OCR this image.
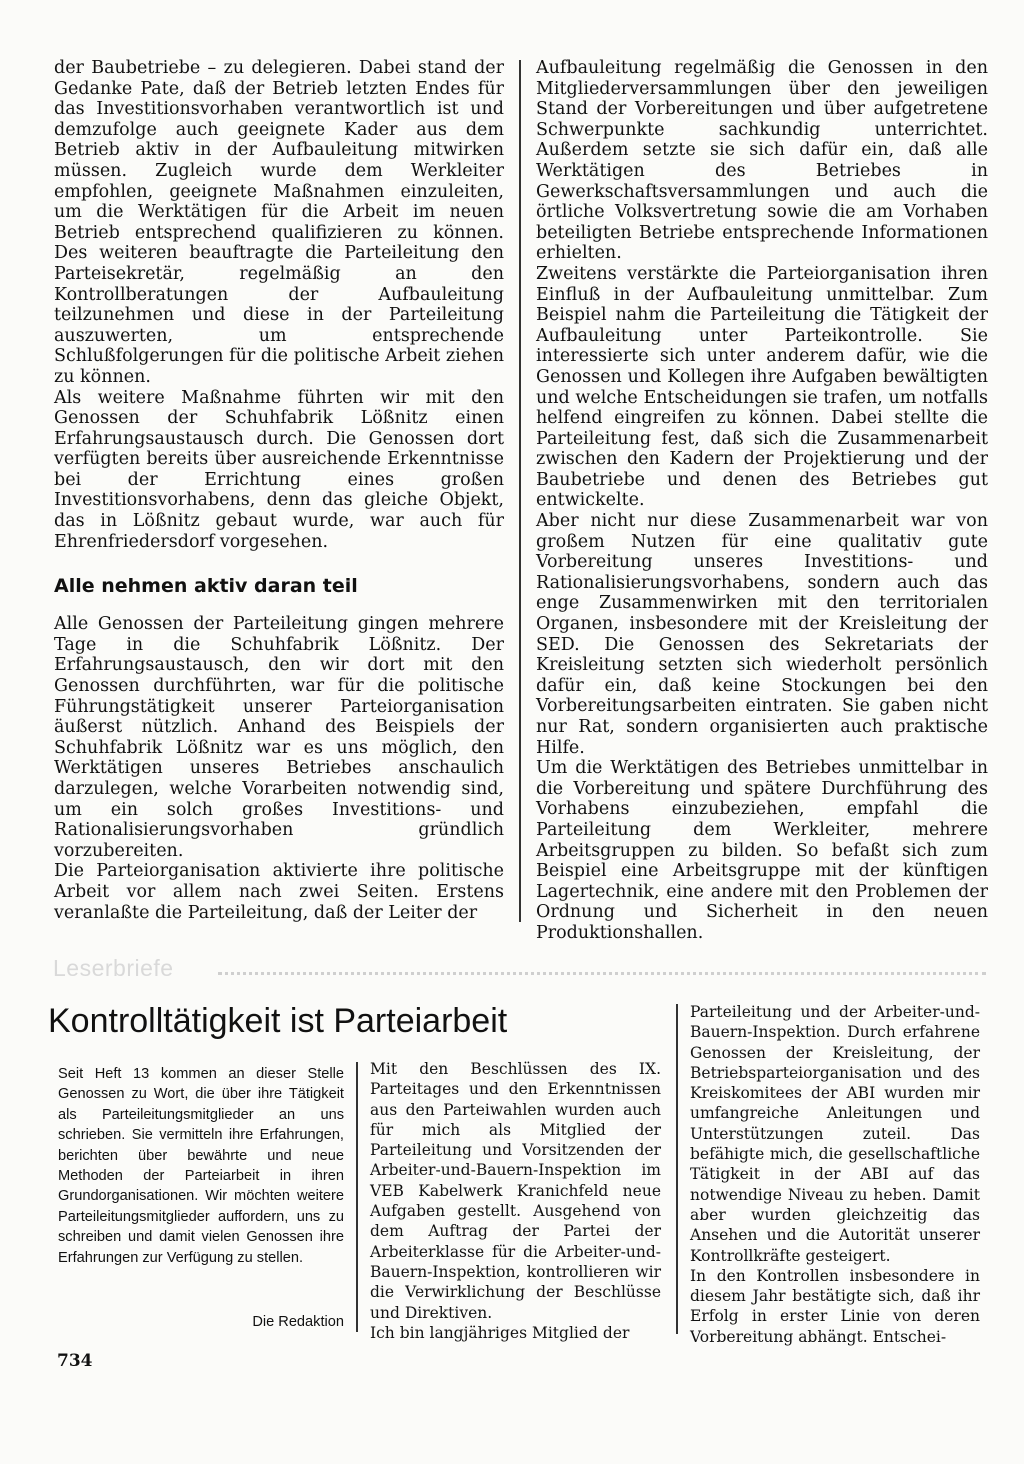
der Baubetriebe – zu delegieren. Dabei stand der Gedanke Pate, daß der Betrieb letzten Endes für das Investitionsvorhaben verantwortlich ist und demzufolge auch geeignete Kader aus dem Betrieb aktiv in der Aufbauleitung mitwirken müssen. Zugleich wurde dem Werkleiter empfohlen, geeignete Maßnahmen einzuleiten, um die Werktätigen für die Arbeit im neuen Betrieb entsprechend qualifizieren zu können. Des weiteren beauftragte die Parteileitung den Parteisekretär, regelmäßig an den Kontrollberatungen der Aufbauleitung teilzunehmen und diese in der Parteileitung auszuwerten, um entsprechende Schlußfolgerungen für die politische Arbeit ziehen zu können.

Als weitere Maßnahme führten wir mit den Genossen der Schuhfabrik Lößnitz einen Erfahrungsaustausch durch. Die Genossen dort verfügten bereits über ausreichende Erkenntnisse bei der Errichtung eines großen Investitionsvorhabens, denn das gleiche Objekt, das in Lößnitz gebaut wurde, war auch für Ehrenfriedersdorf vorgesehen.

Alle nehmen aktiv daran teil

Alle Genossen der Parteileitung gingen mehrere Tage in die Schuhfabrik Lößnitz. Der Erfahrungsaustausch, den wir dort mit den Genossen durchführten, war für die politische Führungstätigkeit unserer Parteiorganisation äußerst nützlich. Anhand des Beispiels der Schuhfabrik Lößnitz war es uns möglich, den Werktätigen unseres Betriebes anschaulich darzulegen, welche Vorarbeiten notwendig sind, um ein solch großes Investitions- und Rationalisierungsvorhaben gründlich vorzubereiten.

Die Parteiorganisation aktivierte ihre politische Arbeit vor allem nach zwei Seiten. Erstens veranlaßte die Parteileitung, daß der Leiter der

Aufbauleitung regelmäßig die Genossen in den Mitgliederversammlungen über den jeweiligen Stand der Vorbereitungen und über aufgetretene Schwerpunkte sachkundig unterrichtet. Außerdem setzte sie sich dafür ein, daß alle Werktätigen des Betriebes in Gewerkschaftsversammlungen und auch die örtliche Volksvertretung sowie die am Vorhaben beteiligten Betriebe entsprechende Informationen erhielten.

Zweitens verstärkte die Parteiorganisation ihren Einfluß in der Aufbauleitung unmittelbar. Zum Beispiel nahm die Parteileitung die Tätigkeit der Aufbauleitung unter Parteikontrolle. Sie interessierte sich unter anderem dafür, wie die Genossen und Kollegen ihre Aufgaben bewältigten und welche Entscheidungen sie trafen, um notfalls helfend eingreifen zu können. Dabei stellte die Parteileitung fest, daß sich die Zusammenarbeit zwischen den Kadern der Projektierung und der Baubetriebe und denen des Betriebes gut entwickelte.

Aber nicht nur diese Zusammenarbeit war von großem Nutzen für eine qualitativ gute Vorbereitung unseres Investitions- und Rationalisierungsvorhabens, sondern auch das enge Zusammenwirken mit den territorialen Organen, insbesondere mit der Kreisleitung der SED. Die Genossen des Sekretariats der Kreisleitung setzten sich wiederholt persönlich dafür ein, daß keine Stockungen bei den Vorbereitungsarbeiten eintraten. Sie gaben nicht nur Rat, sondern organisierten auch praktische Hilfe.

Um die Werktätigen des Betriebes unmittelbar in die Vorbereitung und spätere Durchführung des Vorhabens einzubeziehen, empfahl die Parteileitung dem Werkleiter, mehrere Arbeitsgruppen zu bilden. So befaßt sich zum Beispiel eine Arbeitsgruppe mit der künftigen Lagertechnik, eine andere mit den Problemen der Ordnung und Sicherheit in den neuen Produktionshallen.

Leserbriefe
Kontrolltätigkeit ist Parteiarbeit

Seit Heft 13 kommen an dieser Stelle Genossen zu Wort, die über ihre Tätigkeit als Parteileitungsmitglieder an uns schrieben. Sie vermitteln ihre Erfahrungen, berichten über bewährte und neue Methoden der Parteiarbeit in ihren Grundorganisationen. Wir möchten weitere Parteileitungsmitglieder auffordern, uns zu schreiben und damit vielen Genossen ihre Erfahrungen zur Verfügung zu stellen.

Die Redaktion

Mit den Beschlüssen des IX. Parteitages und den Erkenntnissen aus den Parteiwahlen wurden auch für mich als Mitglied der Parteileitung und Vorsitzenden der Arbeiter-und-Bauern-Inspektion im VEB Kabelwerk Kranichfeld neue Aufgaben gestellt. Ausgehend von dem Auftrag der Partei der Arbeiterklasse für die Arbeiter-und-Bauern-Inspektion, kontrollieren wir die Verwirklichung der Beschlüsse und Direktiven.

Ich bin langjähriges Mitglied der

Parteileitung und der Arbeiter-und-Bauern-Inspektion. Durch erfahrene Genossen der Kreisleitung, der Betriebsparteiorganisation und des Kreiskomitees der ABI wurden mir umfangreiche Anleitungen und Unterstützungen zuteil. Das befähigte mich, die gesellschaftliche Tätigkeit in der ABI auf das notwendige Niveau zu heben. Damit aber wurden gleichzeitig das Ansehen und die Autorität unserer Kontrollkräfte gesteigert.

In den Kontrollen insbesondere in diesem Jahr bestätigte sich, daß ihr Erfolg in erster Linie von deren Vorbereitung abhängt. Entschei-

734
